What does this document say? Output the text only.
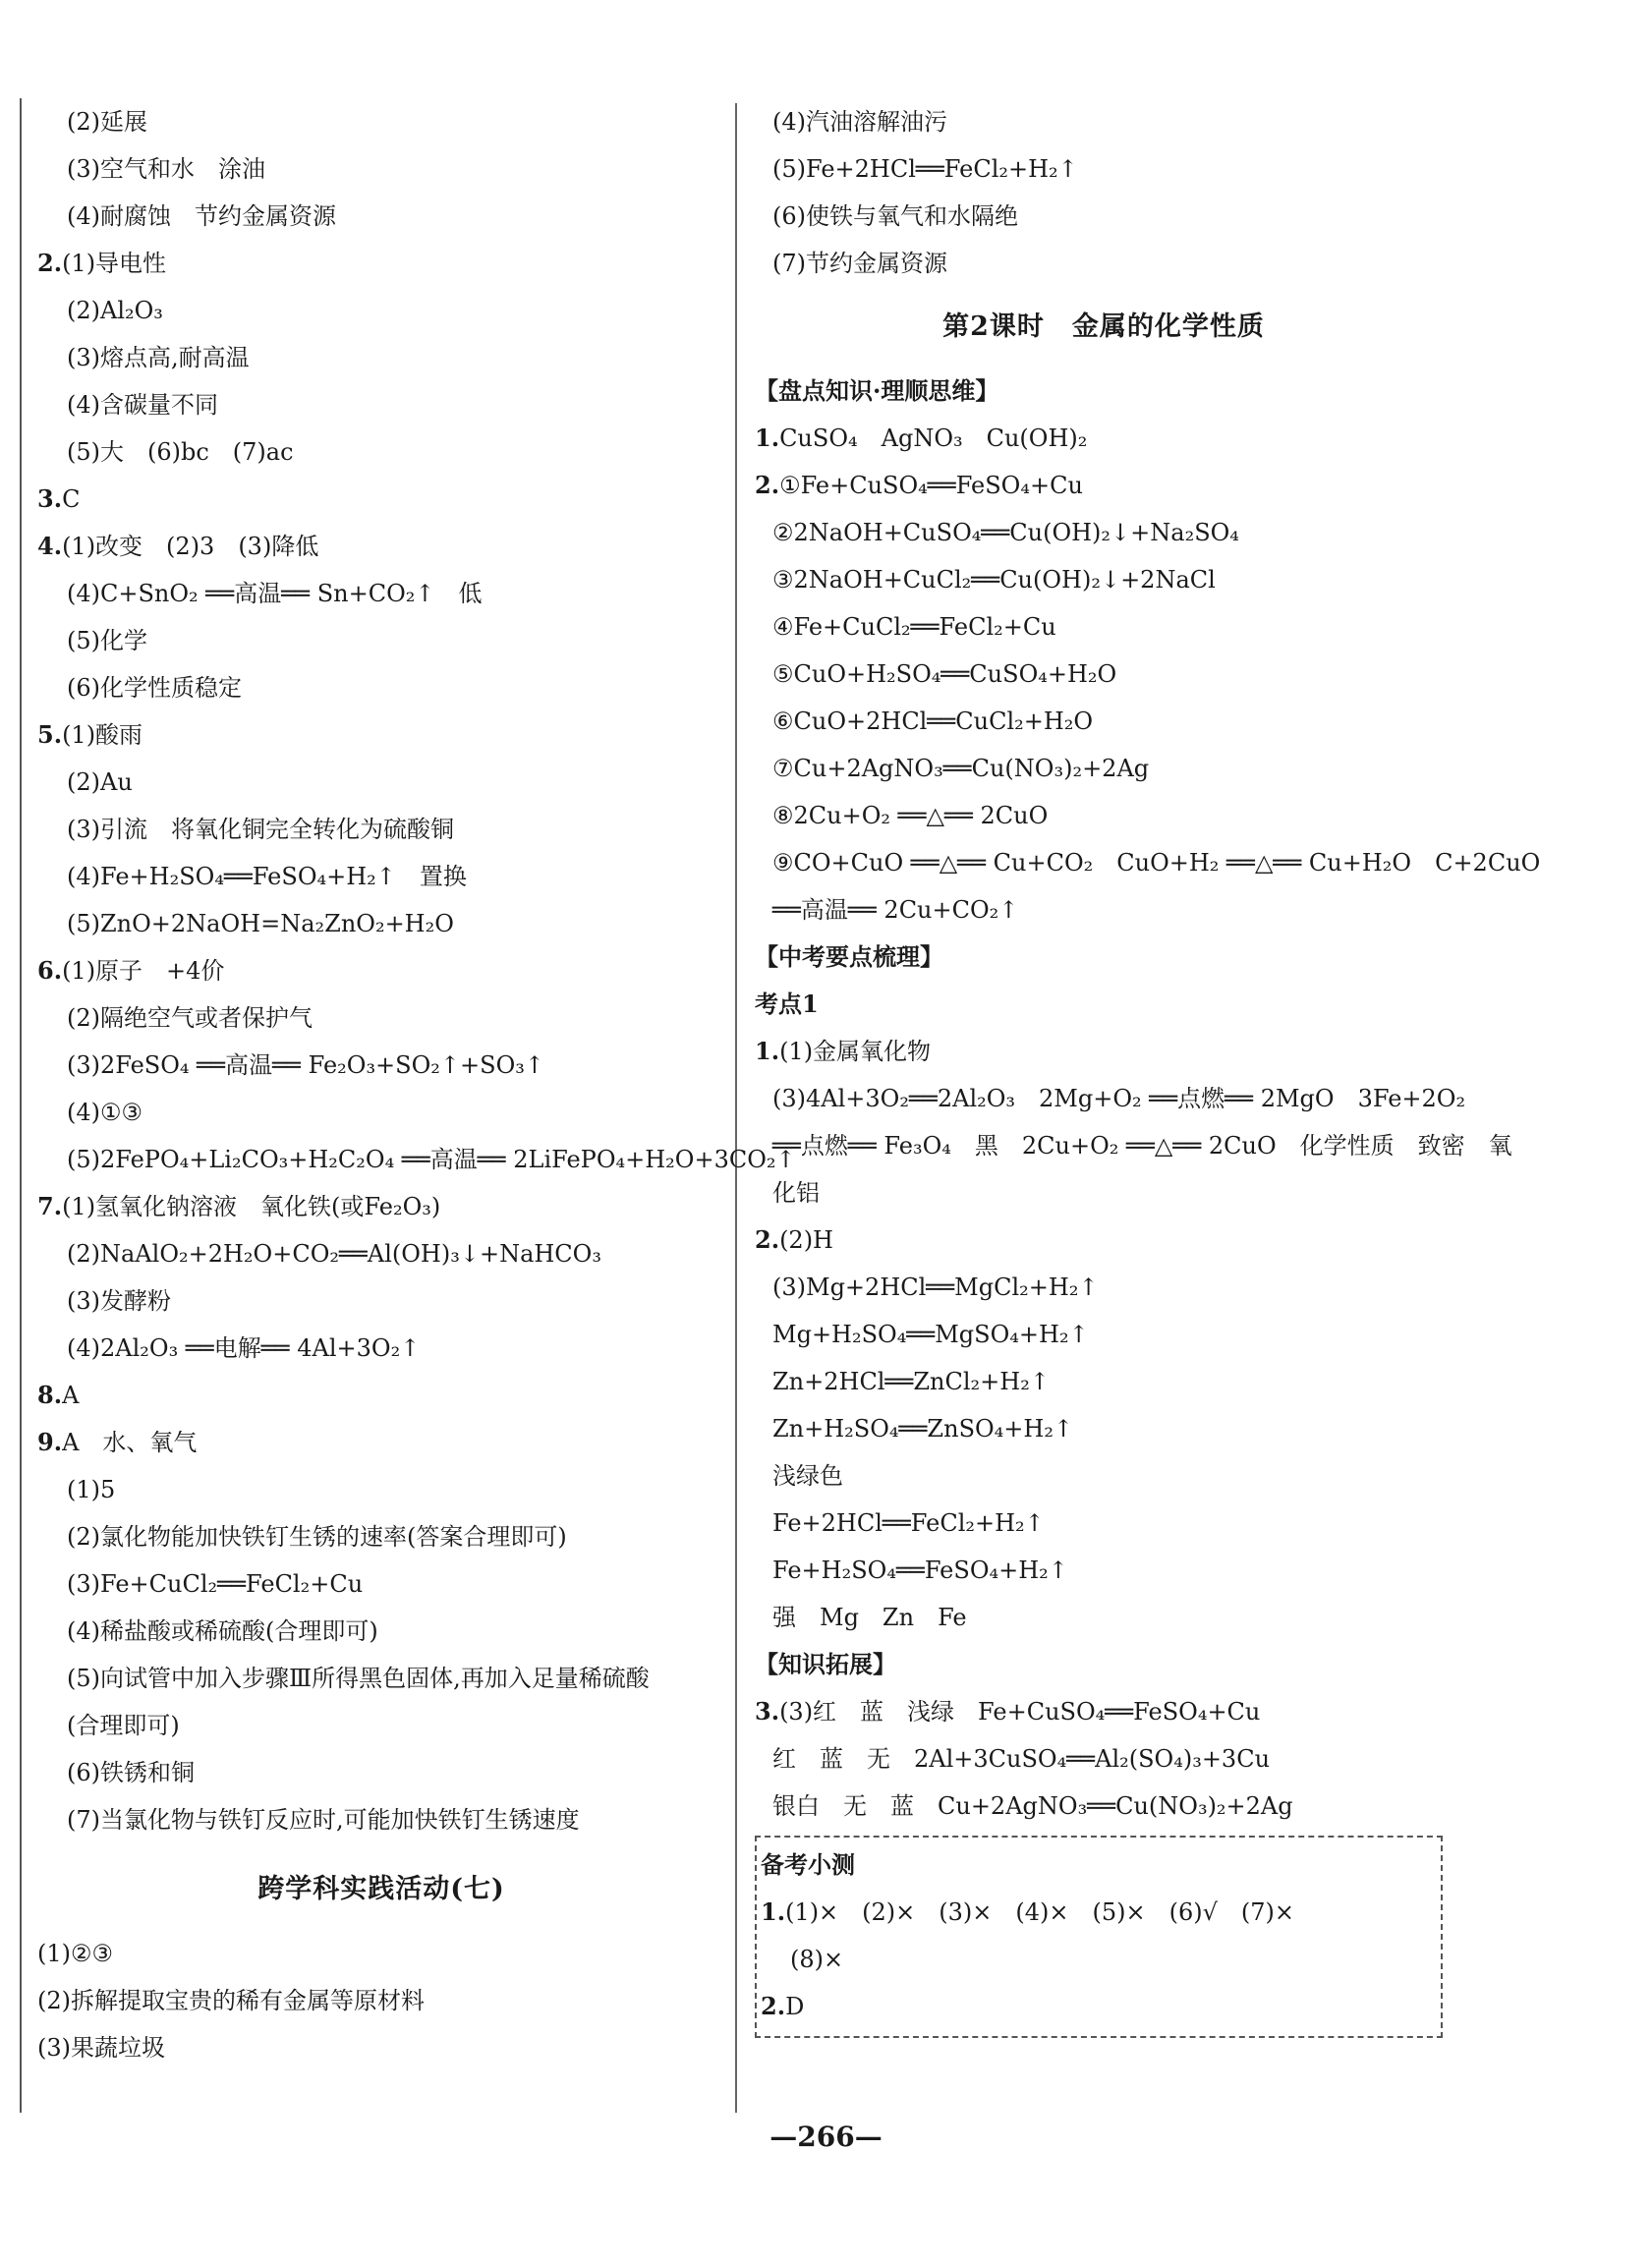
(2)延展
(3)空气和水　涂油
(4)耐腐蚀　节约金属资源
2.(1)导电性
(2)Al₂O₃
(3)熔点高,耐高温
(4)含碳量不同
(5)大　(6)bc　(7)ac
3.C
4.(1)改变　(2)3　(3)降低
(4)C+SnO₂ ══高温══ Sn+CO₂↑　低
(5)化学
(6)化学性质稳定
5.(1)酸雨
(2)Au
(3)引流　将氧化铜完全转化为硫酸铜
(4)Fe+H₂SO₄══FeSO₄+H₂↑　置换
(5)ZnO+2NaOH=Na₂ZnO₂+H₂O
6.(1)原子　+4价
(2)隔绝空气或者保护气
(3)2FeSO₄ ══高温══ Fe₂O₃+SO₂↑+SO₃↑
(4)①③
(5)2FePO₄+Li₂CO₃+H₂C₂O₄ ══高温══ 2LiFePO₄+H₂O+3CO₂↑
7.(1)氢氧化钠溶液　氧化铁(或Fe₂O₃)
(2)NaAlO₂+2H₂O+CO₂══Al(OH)₃↓+NaHCO₃
(3)发酵粉
(4)2Al₂O₃ ══电解══ 4Al+3O₂↑
8.A
9.A　水、氧气
(1)5
(2)氯化物能加快铁钉生锈的速率(答案合理即可)
(3)Fe+CuCl₂══FeCl₂+Cu
(4)稀盐酸或稀硫酸(合理即可)
(5)向试管中加入步骤Ⅲ所得黑色固体,再加入足量稀硫酸
(合理即可)
(6)铁锈和铜
(7)当氯化物与铁钉反应时,可能加快铁钉生锈速度
跨学科实践活动(七)
(1)②③
(2)拆解提取宝贵的稀有金属等原材料
(3)果蔬垃圾
(4)汽油溶解油污
(5)Fe+2HCl══FeCl₂+H₂↑
(6)使铁与氧气和水隔绝
(7)节约金属资源
第2课时　金属的化学性质
【盘点知识·理顺思维】
1.CuSO₄　AgNO₃　Cu(OH)₂
2.①Fe+CuSO₄══FeSO₄+Cu
②2NaOH+CuSO₄══Cu(OH)₂↓+Na₂SO₄
③2NaOH+CuCl₂══Cu(OH)₂↓+2NaCl
④Fe+CuCl₂══FeCl₂+Cu
⑤CuO+H₂SO₄══CuSO₄+H₂O
⑥CuO+2HCl══CuCl₂+H₂O
⑦Cu+2AgNO₃══Cu(NO₃)₂+2Ag
⑧2Cu+O₂ ══△══ 2CuO
⑨CO+CuO ══△══ Cu+CO₂　CuO+H₂ ══△══ Cu+H₂O　C+2CuO
══高温══ 2Cu+CO₂↑
【中考要点梳理】
考点1
1.(1)金属氧化物
(3)4Al+3O₂══2Al₂O₃　2Mg+O₂ ══点燃══ 2MgO　3Fe+2O₂
══点燃══ Fe₃O₄　黑　2Cu+O₂ ══△══ 2CuO　化学性质　致密　氧
化铝
2.(2)H
(3)Mg+2HCl══MgCl₂+H₂↑
Mg+H₂SO₄══MgSO₄+H₂↑
Zn+2HCl══ZnCl₂+H₂↑
Zn+H₂SO₄══ZnSO₄+H₂↑
浅绿色
Fe+2HCl══FeCl₂+H₂↑
Fe+H₂SO₄══FeSO₄+H₂↑
强　Mg　Zn　Fe
【知识拓展】
3.(3)红　蓝　浅绿　Fe+CuSO₄══FeSO₄+Cu
红　蓝　无　2Al+3CuSO₄══Al₂(SO₄)₃+3Cu
银白　无　蓝　Cu+2AgNO₃══Cu(NO₃)₂+2Ag
备考小测
1.(1)×　(2)×　(3)×　(4)×　(5)×　(6)√　(7)×
(8)×
2.D
—266—
